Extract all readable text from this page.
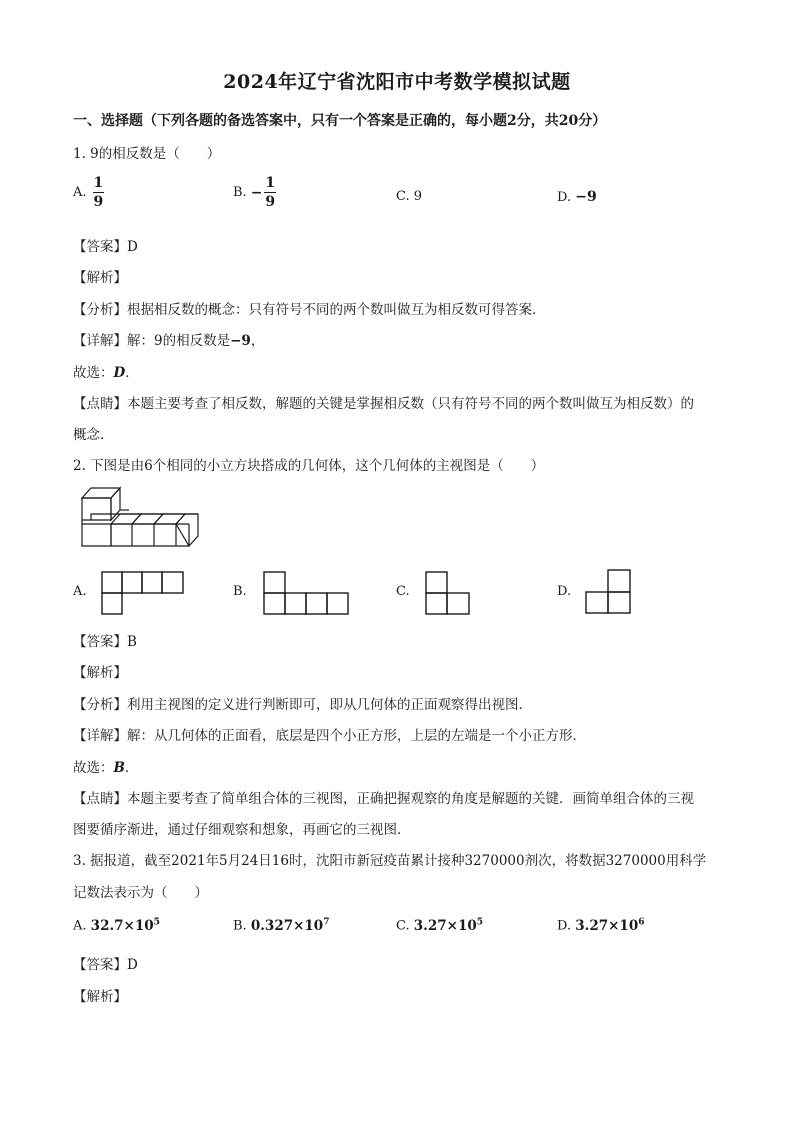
2024年辽宁省沈阳市中考数学模拟试题
一、选择题（下列各题的备选答案中，只有一个答案是正确的，每小题2分，共20分）
1. 9的相反数是（　　）
A. $\frac{1}{9}$	B. − $\frac{1}{9}$	C. 9	D. −9
【答案】D
【解析】
【分析】根据相反数的概念：只有符号不同的两个数叫做互为相反数可得答案．
【详解】解：9的相反数是−9，
故选：D．
【点睛】本题主要考查了相反数，解题的关键是掌握相反数（只有符号不同的两个数叫做互为相反数）的
概念．
2. 下图是由6个相同的小立方块搭成的几何体，这个几何体的主视图是（　　）
A.	B.	C.	D.
【答案】B
【解析】
【分析】利用主视图的定义进行判断即可，即从几何体的正面观察得出视图．
【详解】解：从几何体的正面看，底层是四个小正方形，上层的左端是一个小正方形．
故选：B．
【点睛】本题主要考查了简单组合体的三视图，正确把握观察的角度是解题的关键．画简单组合体的三视
图要循序渐进，通过仔细观察和想象，再画它的三视图．
3. 据报道，截至2021年5月24日16时，沈阳市新冠疫苗累计接种3270000剂次，将数据3270000用科学
记数法表示为（　　）
A. $32.7\times 10^5$	B. $0.327\times 10^7$	C. $3.27\times 10^5$	D. $3.27\times 10^6$
【答案】D
【解析】
